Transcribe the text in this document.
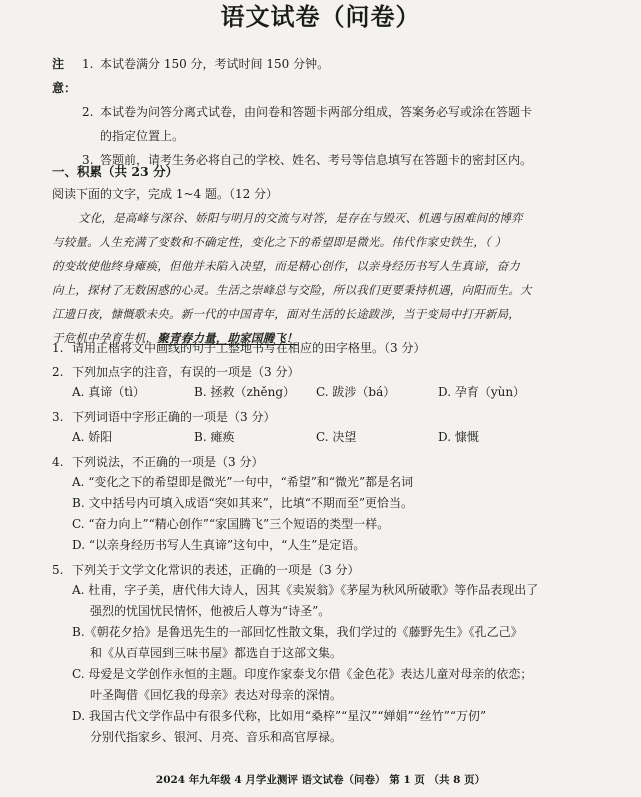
语文试卷（问卷）
注意：
1. 本试卷满分 150 分，考试时间 150 分钟。
2. 本试卷为问答分离式试卷，由问卷和答题卡两部分组成，答案务必写或涂在答题卡
的指定位置上。
3. 答题前，请考生务必将自己的学校、姓名、考号等信息填写在答题卡的密封区内。
一、积累（共 23 分）
阅读下面的文字，完成 1~4 题。（12 分）
文化，是高峰与深谷、娇阳与明月的交流与对答，是存在与毁灭、机遇与困难间的博弈
与较量。人生充满了变数和不确定性，变化之下的希望即是微光。伟代作家史铁生，（ ）
的变故使他终身瘫痪，但他并未陷入决望，而是精心创作，以亲身经历书写人生真谛，奋力
向上，探材了无数困惑的心灵。生活之崇峰总与交险，所以我们更要秉持机遇，向阳而生。大
江遗日夜，慷慨歌未央。新一代的中国青年，面对生活的长途跋涉，当于变局中打开新局，
于危机中孕育生机，聚青春力量，助家国腾飞！
1. 请用正楷将文中画线的句子工整地书写在相应的田字格里。（3 分）
2. 下列加点字的注音，有误的一项是（3 分）
A. 真谛（tì）	B. 拯救（zhěng）	C. 跋涉（bá）	D. 孕育（yùn）
3. 下列词语中字形正确的一项是（3 分）
A. 娇阳	B. 瘫痪	C. 决望	D. 慷慨
4. 下列说法，不正确的一项是（3 分）
A. “变化之下的希望即是微光”一句中，“希望”和“微光”都是名词
B. 文中括号内可填入成语“突如其来”，比填“不期而至”更恰当。
C. “奋力向上”“精心创作”“家国腾飞”三个短语的类型一样。
D. “以亲身经历书写人生真谛”这句中，“人生”是定语。
5. 下列关于文学文化常识的表述，正确的一项是（3 分）
A. 杜甫，字子美，唐代伟大诗人，因其《卖炭翁》《茅屋为秋风所破歌》等作品表现出了
强烈的忧国忧民情怀，他被后人尊为“诗圣”。
B.《朝花夕拾》是鲁迅先生的一部回忆性散文集，我们学过的《藤野先生》《孔乙己》
和《从百草园到三味书屋》都选自于这部文集。
C. 母爱是文学创作永恒的主题。印度作家泰戈尔借《金色花》表达儿童对母亲的依恋；
叶圣陶借《回忆我的母亲》表达对母亲的深情。
D. 我国古代文学作品中有很多代称，比如用“桑梓”“星汉”“婵娟”“丝竹”“万仞”
分别代指家乡、银河、月亮、音乐和高官厚禄。
2024 年九年级 4 月学业测评 语文试卷（问卷） 第 1 页 （共 8 页）
